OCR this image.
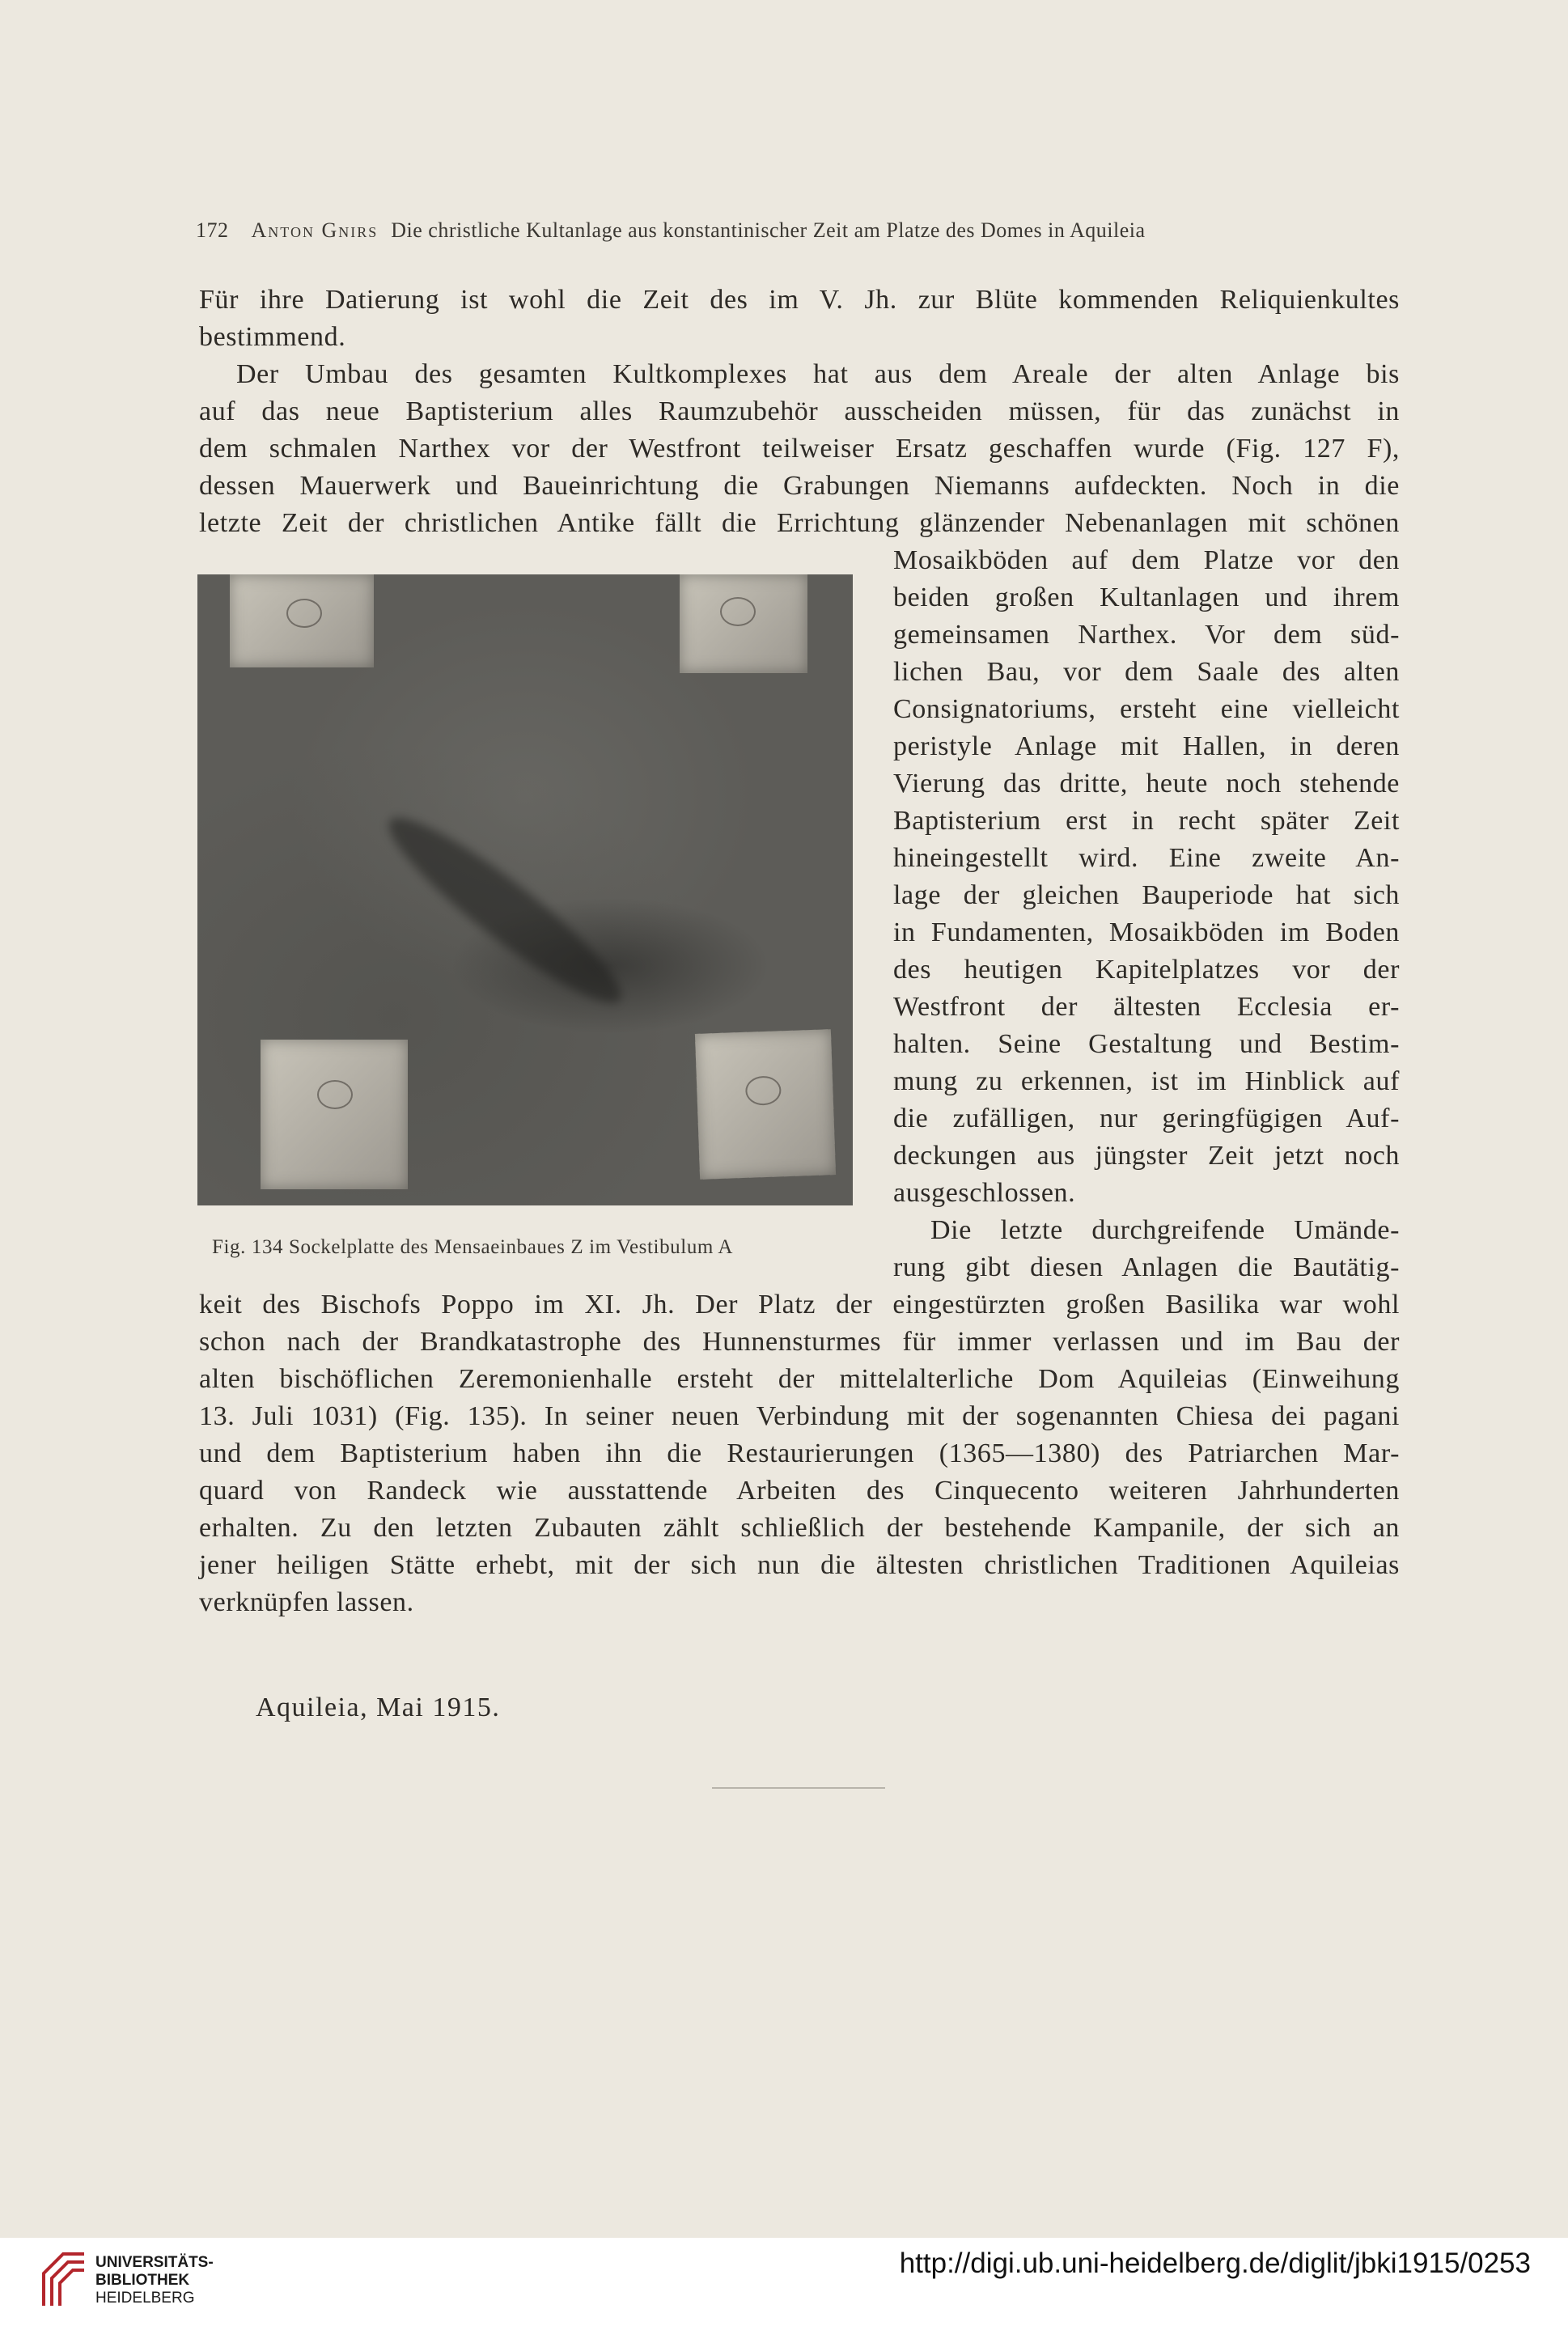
172 Anton Gnirs Die christliche Kultanlage aus konstantinischer Zeit am Platze des Domes in Aquileia
Für ihre Datierung ist wohl die Zeit des im V. Jh. zur Blüte kommenden Reliquienkultes
bestimmend.
Der Umbau des gesamten Kultkomplexes hat aus dem Areale der alten Anlage bis
auf das neue Baptisterium alles Raumzubehör ausscheiden müssen, für das zunächst in
dem schmalen Narthex vor der Westfront teilweiser Ersatz geschaffen wurde (Fig. 127 F),
dessen Mauerwerk und Baueinrichtung die Grabungen Niemanns aufdeckten. Noch in die
letzte Zeit der christlichen Antike fällt die Errichtung glänzender Nebenanlagen mit schönen
Mosaikböden auf dem Platze vor den
beiden großen Kultanlagen und ihrem
gemeinsamen Narthex. Vor dem süd-
lichen Bau, vor dem Saale des alten
Consignatoriums, ersteht eine vielleicht
peristyle Anlage mit Hallen, in deren
Vierung das dritte, heute noch stehende
Baptisterium erst in recht später Zeit
hineingestellt wird. Eine zweite An-
lage der gleichen Bauperiode hat sich
in Fundamenten, Mosaikböden im Boden
des heutigen Kapitelplatzes vor der
Westfront der ältesten Ecclesia er-
halten. Seine Gestaltung und Bestim-
mung zu erkennen, ist im Hinblick auf
die zufälligen, nur geringfügigen Auf-
deckungen aus jüngster Zeit jetzt noch
ausgeschlossen.
Die letzte durchgreifende Umände-
rung gibt diesen Anlagen die Bautätig-
Fig. 134 Sockelplatte des Mensaeinbaues Z im Vestibulum A
keit des Bischofs Poppo im XI. Jh. Der Platz der eingestürzten großen Basilika war wohl
schon nach der Brandkatastrophe des Hunnensturmes für immer verlassen und im Bau der
alten bischöflichen Zeremonienhalle ersteht der mittelalterliche Dom Aquileias (Einweihung
13. Juli 1031) (Fig. 135). In seiner neuen Verbindung mit der sogenannten Chiesa dei pagani
und dem Baptisterium haben ihn die Restaurierungen (1365—1380) des Patriarchen Mar-
quard von Randeck wie ausstattende Arbeiten des Cinquecento weiteren Jahrhunderten
erhalten. Zu den letzten Zubauten zählt schließlich der bestehende Kampanile, der sich an
jener heiligen Stätte erhebt, mit der sich nun die ältesten christlichen Traditionen Aquileias
verknüpfen lassen.
Aquileia, Mai 1915.
UNIVERSITÄTS-
BIBLIOTHEK
HEIDELBERG
http://digi.ub.uni-heidelberg.de/diglit/jbki1915/0253
